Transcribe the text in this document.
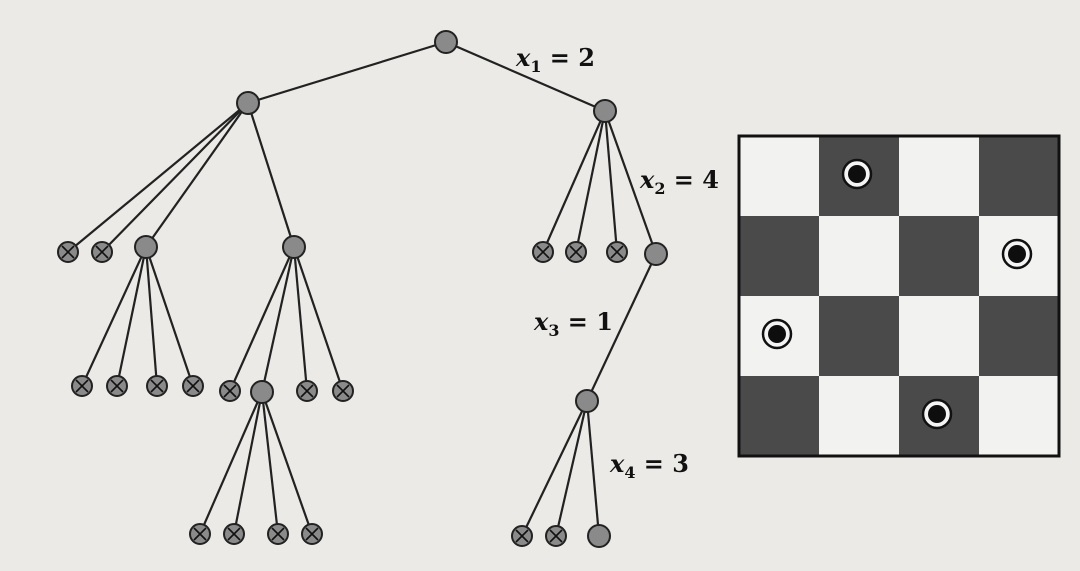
$x_1 = 2$
$x_2 = 4$
$x_3 = 1$
$x_4 = 3$
